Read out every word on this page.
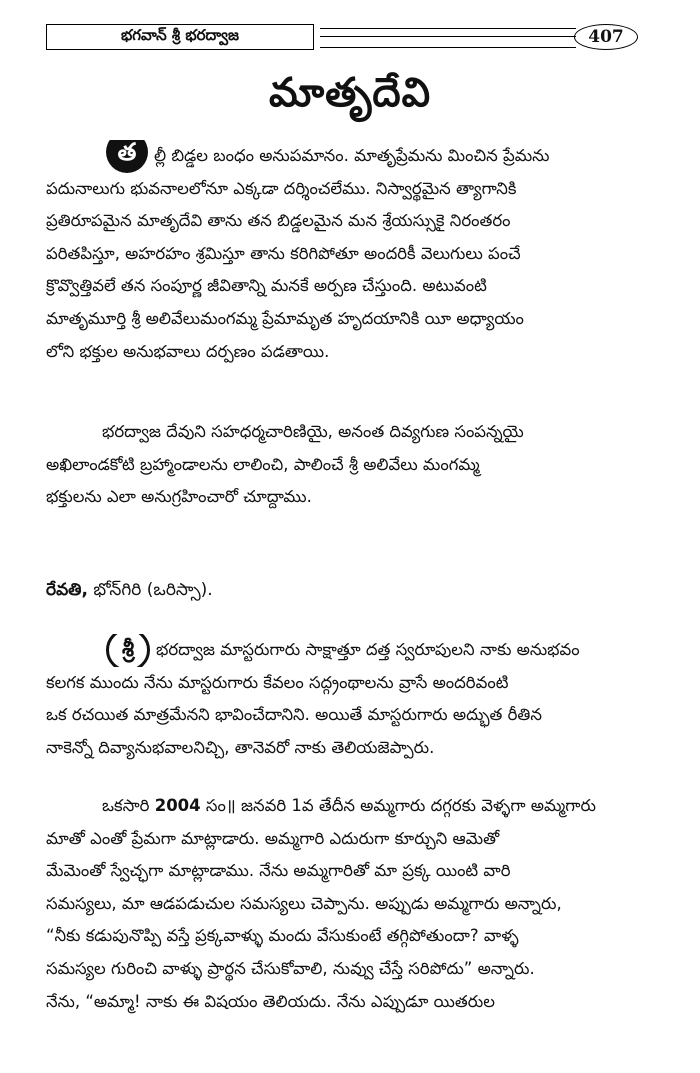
భగవాన్ శ్రీ భరద్వాజ	407
మాతృదేవి
త	ల్లీ బిడ్డల బంధం అనుపమానం. మాతృప్రేమను మించిన ప్రేమను
పదునాలుగు భువనాలలోనూ ఎక్కడా దర్శించలేము. నిస్వార్థమైన త్యాగానికి
ప్రతిరూపమైన మాతృదేవి తాను తన బిడ్డలమైన మన శ్రేయస్సుకై నిరంతరం
పరితపిస్తూ, అహరహం శ్రమిస్తూ తాను కరిగిపోతూ అందరికీ వెలుగులు పంచే
క్రొవ్వొత్తివలే తన సంపూర్ణ జీవితాన్ని మనకే అర్పణ చేస్తుంది. అటువంటి
మాతృమూర్తి శ్రీ అలివేలుమంగమ్మ ప్రేమామృత హృదయానికి యీ అధ్యాయం
లోని భక్తుల అనుభవాలు దర్పణం పడతాయి.
భరద్వాజ దేవుని సహధర్మచారిణియై, అనంత దివ్యగుణ సంపన్నయై
అఖిలాండకోటి బ్రహ్మాండాలను లాలించి, పాలించే శ్రీ అలివేలు మంగమ్మ
భక్తులను ఎలా అనుగ్రహించారో చూద్దాము.
రేవతి, భోన్‌గిరి (ఒరిస్సా).
శ్రీ	భరద్వాజ మాస్టరుగారు సాక్షాత్తూ దత్త స్వరూపులని నాకు అనుభవం
కలగక ముందు నేను మాస్టరుగారు కేవలం సద్గ్రంథాలను వ్రాసే అందరివంటి
ఒక రచయిత మాత్రమేనని భావించేదానిని. అయితే మాస్టరుగారు అద్భుత రీతిన
నాకెన్నో దివ్యానుభవాలనిచ్చి, తానెవరో నాకు తెలియజెప్పారు.
ఒకసారి 2004 సం॥ జనవరి 1వ తేదీన అమ్మగారు దగ్గరకు వెళ్ళగా అమ్మగారు
మాతో ఎంతో ప్రేమగా మాట్లాడారు. అమ్మగారి ఎదురుగా కూర్చుని ఆమెతో
మేమెంతో స్వేచ్ఛగా మాట్లాడాము. నేను అమ్మగారితో మా ప్రక్క యింటి వారి
సమస్యలు, మా ఆడపడుచుల సమస్యలు చెప్పాను. అప్పుడు అమ్మగారు అన్నారు,
“నీకు కడుపునొప్పి వస్తే ప్రక్కవాళ్ళు మందు వేసుకుంటే తగ్గిపోతుందా? వాళ్ళ
సమస్యల గురించి వాళ్ళు ప్రార్థన చేసుకోవాలి, నువ్వు చేస్తే సరిపోదు” అన్నారు.
నేను, “అమ్మా! నాకు ఈ విషయం తెలియదు. నేను ఎప్పుడూ యితరుల
